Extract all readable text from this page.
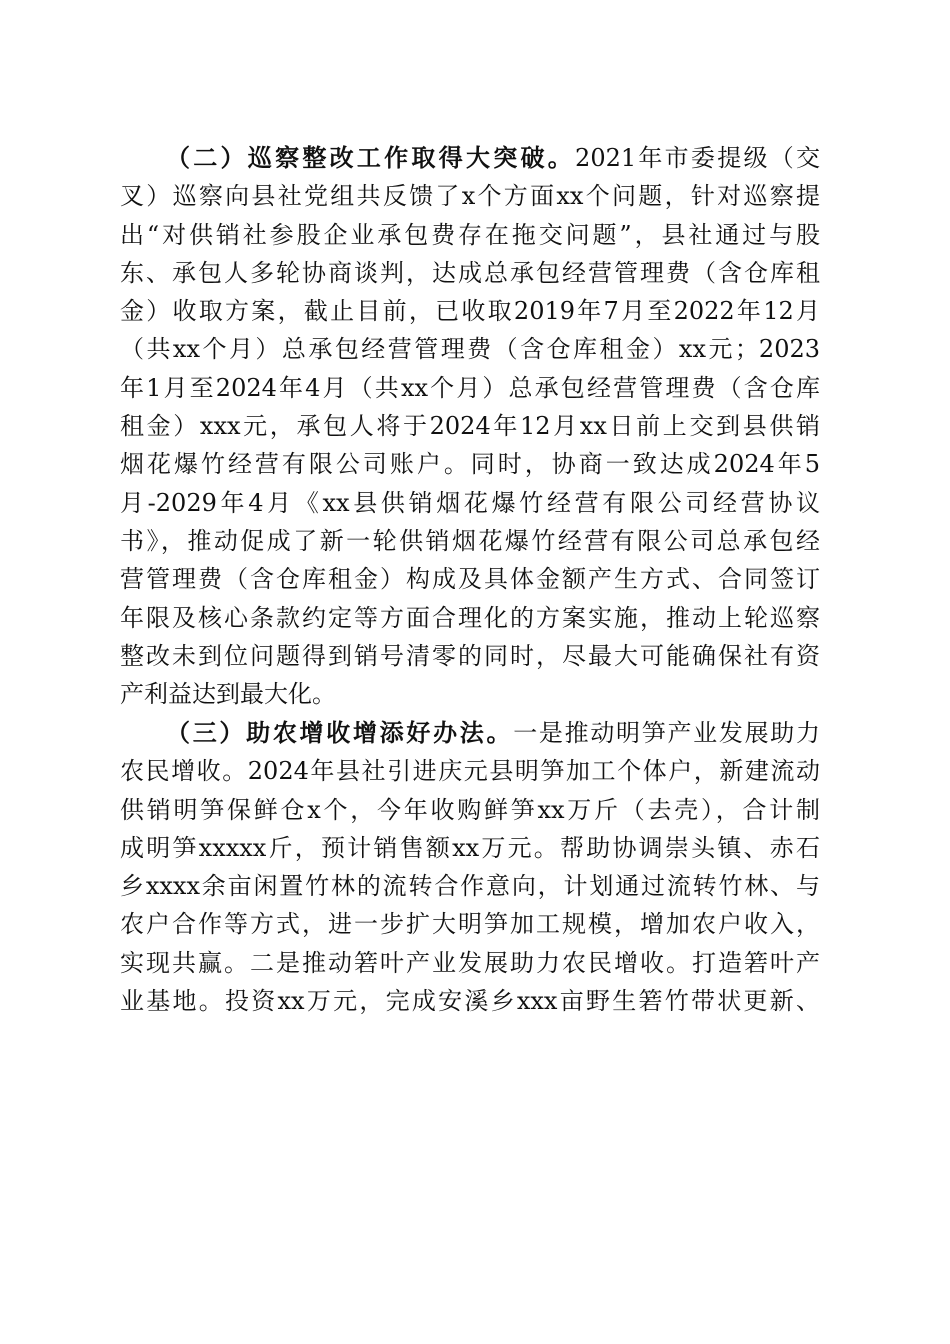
（二）巡察整改工作取得大突破。2021年市委提级（交
叉）巡察向县社党组共反馈了x个方面xx个问题，针对巡察提
出“对供销社参股企业承包费存在拖交问题”，县社通过与股
东、承包人多轮协商谈判，达成总承包经营管理费（含仓库租
金）收取方案，截止目前，已收取2019年7月至2022年12月
（共xx个月）总承包经营管理费（含仓库租金）xx元；2023
年1月至2024年4月（共xx个月）总承包经营管理费（含仓库
租金）xxx元，承包人将于2024年12月xx日前上交到县供销
烟花爆竹经营有限公司账户。同时，协商一致达成2024年5
月-2029年4月《xx县供销烟花爆竹经营有限公司经营协议
书》，推动促成了新一轮供销烟花爆竹经营有限公司总承包经
营管理费（含仓库租金）构成及具体金额产生方式、合同签订
年限及核心条款约定等方面合理化的方案实施，推动上轮巡察
整改未到位问题得到销号清零的同时，尽最大可能确保社有资
产利益达到最大化。
（三）助农增收增添好办法。一是推动明笋产业发展助力
农民增收。2024年县社引进庆元县明笋加工个体户，新建流动
供销明笋保鲜仓x个，今年收购鲜笋xx万斤（去壳），合计制
成明笋xxxxx斤，预计销售额xx万元。帮助协调崇头镇、赤石
乡xxxx余亩闲置竹林的流转合作意向，计划通过流转竹林、与
农户合作等方式，进一步扩大明笋加工规模，增加农户收入，
实现共赢。二是推动箬叶产业发展助力农民增收。打造箬叶产
业基地。投资xx万元，完成安溪乡xxx亩野生箬竹带状更新、
